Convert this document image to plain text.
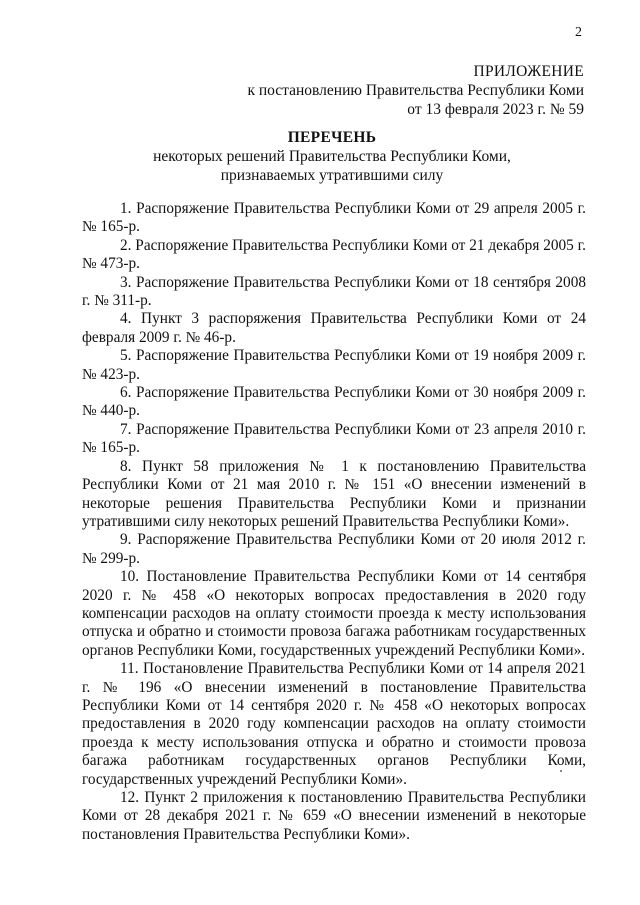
2
ПРИЛОЖЕНИЕ
к постановлению Правительства Республики Коми
от 13 февраля 2023 г. № 59
ПЕРЕЧЕНЬ
некоторых решений Правительства Республики Коми,
признаваемых утратившими силу

1. Распоряжение Правительства Республики Коми от 29 апреля 2005 г. № 165-р.

2. Распоряжение Правительства Республики Коми от 21 декабря 2005 г. № 473-р.

3. Распоряжение Правительства Республики Коми от 18 сентября 2008 г. № 311-р.

4. Пункт 3 распоряжения Правительства Республики Коми от 24 февраля 2009 г. № 46-р.

5. Распоряжение Правительства Республики Коми от 19 ноября 2009 г. № 423-р.

6. Распоряжение Правительства Республики Коми от 30 ноября 2009 г. № 440-р.

7. Распоряжение Правительства Республики Коми от 23 апреля 2010 г. № 165-р.

8. Пункт 58 приложения № 1 к постановлению Правительства Республики Коми от 21 мая 2010 г. № 151 «О внесении изменений в некоторые решения Правительства Республики Коми и признании утратившими силу некоторых решений Правительства Республики Коми».

9. Распоряжение Правительства Республики Коми от 20 июля 2012 г. № 299-р.

10. Постановление Правительства Республики Коми от 14 сентября 2020 г. № 458 «О некоторых вопросах предоставления в 2020 году компенсации расходов на оплату стоимости проезда к месту использования отпуска и обратно и стоимости провоза багажа работникам государственных органов Республики Коми, государственных учреждений Республики Коми».

11. Постановление Правительства Республики Коми от 14 апреля 2021 г. № 196 «О внесении изменений в постановление Правительства Республики Коми от 14 сентября 2020 г. № 458 «О некоторых вопросах предоставления в 2020 году компенсации расходов на оплату стоимости проезда к месту использования отпуска и обратно и стоимости провоза багажа работникам государственных органов Республики Коми, государственных учреждений Республики Коми».

12. Пункт 2 приложения к постановлению Правительства Республики Коми от 28 декабря 2021 г. № 659 «О внесении изменений в некоторые постановления Правительства Республики Коми».
